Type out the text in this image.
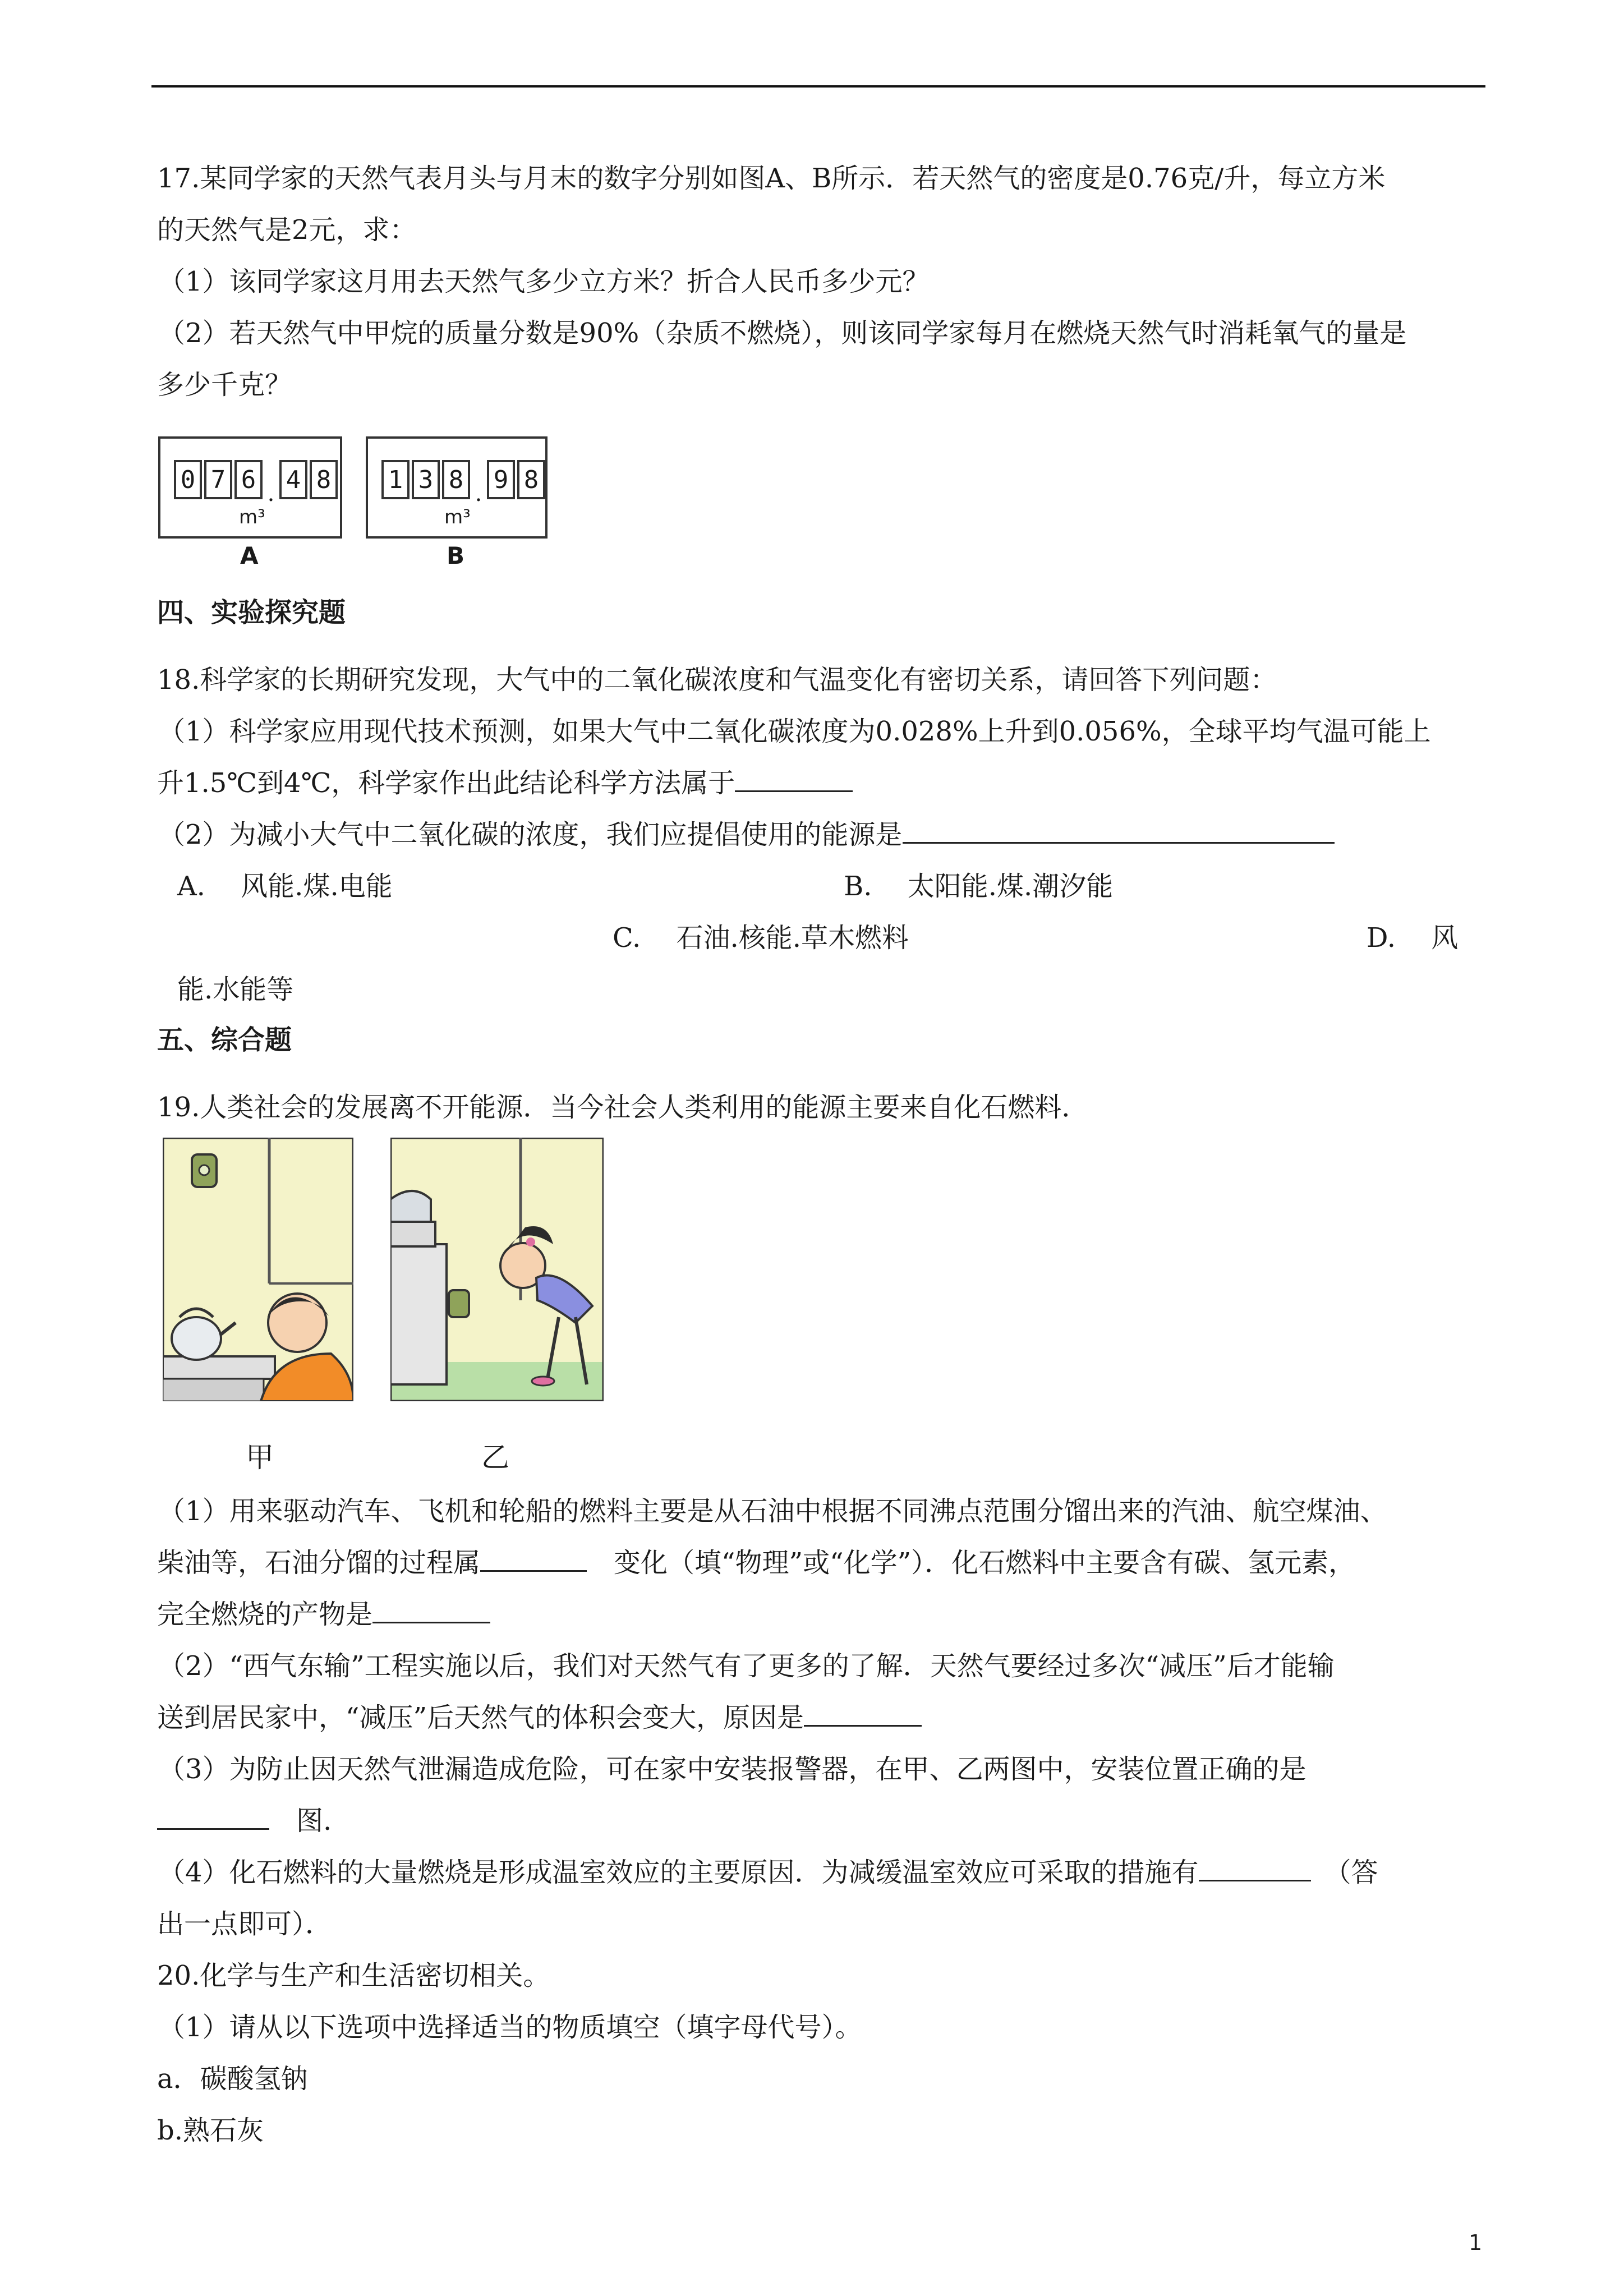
17.某同学家的天然气表月头与月末的数字分别如图A、B所示．若天然气的密度是0.76克/升，每立方米
的天然气是2元，求：
（1）该同学家这月用去天然气多少立方米？折合人民币多少元？
（2）若天然气中甲烷的质量分数是90%（杂质不燃烧），则该同学家每月在燃烧天然气时消耗氧气的量是
多少千克？
0 7 6 . 4 8
m³
A
1 3 8 . 9 8
m³
B
四、实验探究题
18.科学家的长期研究发现，大气中的二氧化碳浓度和气温变化有密切关系，请回答下列问题：
（1）科学家应用现代技术预测，如果大气中二氧化碳浓度为0.028%上升到0.056%，全球平均气温可能上
升1.5℃到4℃，科学家作出此结论科学方法属于
（2）为减小大气中二氧化碳的浓度，我们应提倡使用的能源是
A.　 风能.煤.电能	B.　 太阳能.煤.潮汐能
C.　 石油.核能.草木燃料	D.　 风
能.水能等
五、综合题
19.人类社会的发展离不开能源．当今社会人类利用的能源主要来自化石燃料．
甲	乙
（1）用来驱动汽车、飞机和轮船的燃料主要是从石油中根据不同沸点范围分馏出来的汽油、航空煤油、
柴油等，石油分馏的过程属	　变化（填“物理”或“化学”）．化石燃料中主要含有碳、氢元素，
完全燃烧的产物是
（2）“西气东输”工程实施以后，我们对天然气有了更多的了解．天然气要经过多次“减压”后才能输
送到居民家中，“减压”后天然气的体积会变大，原因是
（3）为防止因天然气泄漏造成危险，可在家中安装报警器，在甲、乙两图中，安装位置正确的是
　图.
（4）化石燃料的大量燃烧是形成温室效应的主要原因．为减缓温室效应可采取的措施有	　（答
出一点即可）．
20.化学与生产和生活密切相关。
（1）请从以下选项中选择适当的物质填空（填字母代号）。
a．碳酸氢钠
b.熟石灰
1
